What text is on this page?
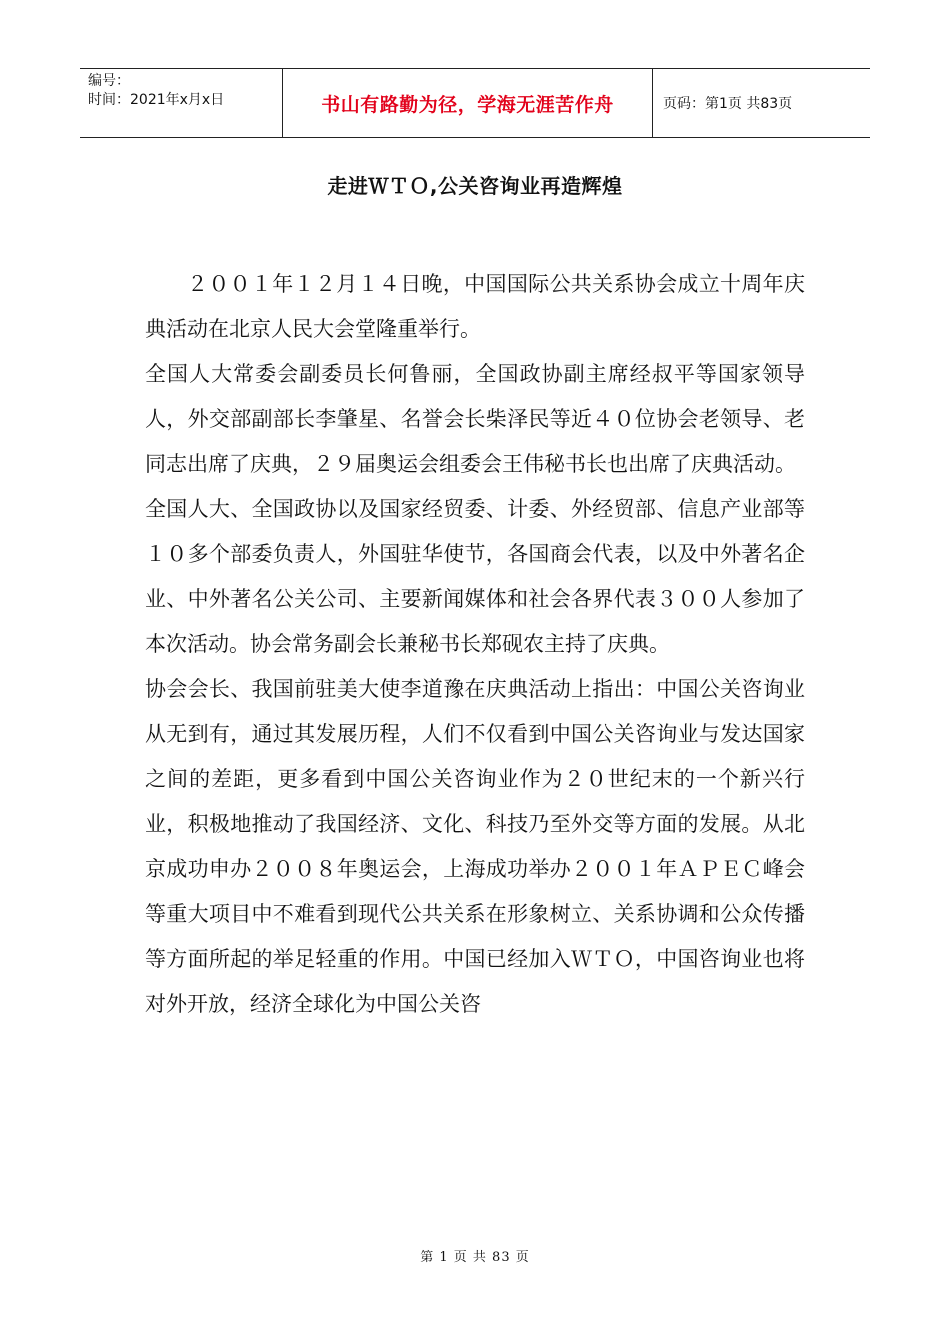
编号：
时间：2021年x月x日	书山有路勤为径，学海无涯苦作舟	页码：第1页 共83页
走进ＷＴＯ,公关咨询业再造辉煌

２００１年１２月１４日晚，中国国际公共关系协会成立十周年庆典活动在北京人民大会堂隆重举行。

全国人大常委会副委员长何鲁丽，全国政协副主席经叔平等国家领导人，外交部副部长李肇星、名誉会长柴泽民等近４０位协会老领导、老同志出席了庆典，２９届奥运会组委会王伟秘书长也出席了庆典活动。

全国人大、全国政协以及国家经贸委、计委、外经贸部、信息产业部等１０多个部委负责人，外国驻华使节，各国商会代表，以及中外著名企业、中外著名公关公司、主要新闻媒体和社会各界代表３００人参加了本次活动。协会常务副会长兼秘书长郑砚农主持了庆典。

协会会长、我国前驻美大使李道豫在庆典活动上指出：中国公关咨询业从无到有，通过其发展历程，人们不仅看到中国公关咨询业与发达国家之间的差距，更多看到中国公关咨询业作为２０世纪末的一个新兴行业，积极地推动了我国经济、文化、科技乃至外交等方面的发展。从北京成功申办２００８年奥运会，上海成功举办２００１年ＡＰＥＣ峰会等重大项目中不难看到现代公共关系在形象树立、关系协调和公众传播等方面所起的举足轻重的作用。中国已经加入ＷＴＯ，中国咨询业也将对外开放，经济全球化为中国公关咨

第 1 页 共 83 页
